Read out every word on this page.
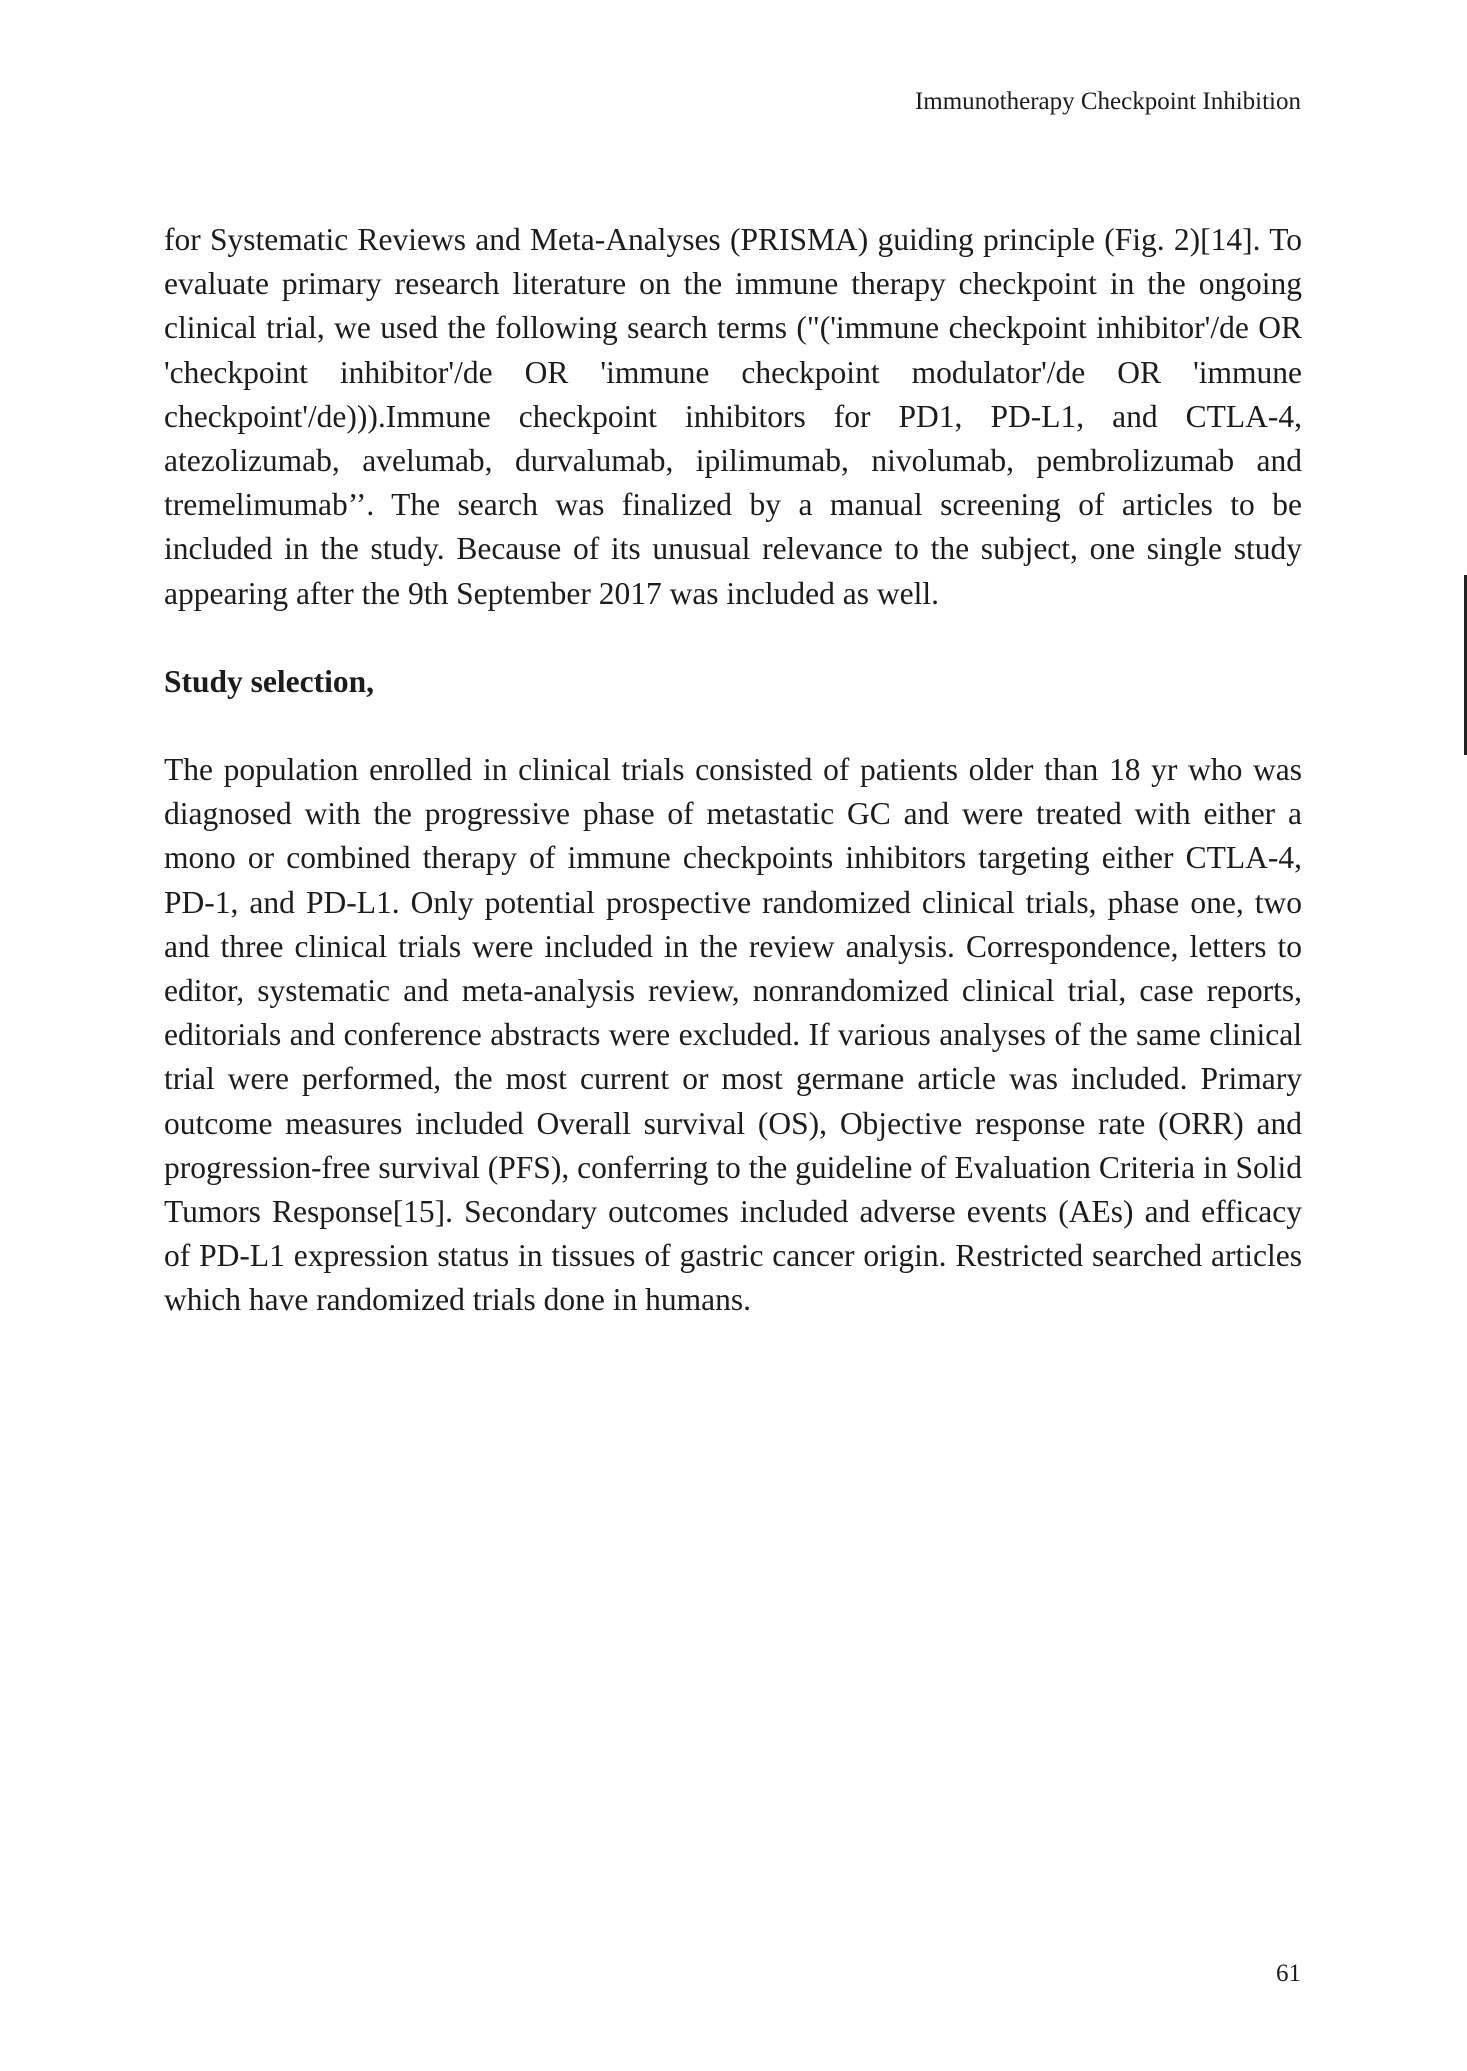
Immunotherapy Checkpoint Inhibition

for Systematic Reviews and Meta-Analyses (PRISMA) guiding principle (Fig. 2)[14]. To evaluate primary research literature on the immune therapy checkpoint in the ongoing clinical trial, we used the following search terms ("('immune checkpoint inhibitor'/de OR 'checkpoint inhibitor'/de OR 'immune checkpoint modulator'/de OR 'immune checkpoint'/de))).Immune checkpoint inhibitors for PD1, PD-L1, and CTLA-4, atezolizumab, avelumab, durvalumab, ipilimumab, nivolumab, pembrolizumab and tremelimumab’’. The search was finalized by a manual screening of articles to be included in the study. Because of its unusual relevance to the subject, one single study appearing after the 9th September 2017 was included as well.

Study selection,

The population enrolled in clinical trials consisted of patients older than 18 yr who was diagnosed with the progressive phase of metastatic GC and were treated with either a mono or combined therapy of immune checkpoints inhibitors targeting either CTLA-4, PD-1, and PD-L1. Only potential prospective randomized clinical trials, phase one, two and three clinical trials were included in the review analysis. Correspondence, letters to editor, systematic and meta-analysis review, nonrandomized clinical trial, case reports, editorials and conference abstracts were excluded. If various analyses of the same clinical trial were performed, the most current or most germane article was included. Primary outcome measures included Overall survival (OS), Objective response rate (ORR) and progression-free survival (PFS), conferring to the guideline of Evaluation Criteria in Solid Tumors Response[15]. Secondary outcomes included adverse events (AEs) and efficacy of PD-L1 expression status in tissues of gastric cancer origin. Restricted searched articles which have randomized trials done in humans.

61
